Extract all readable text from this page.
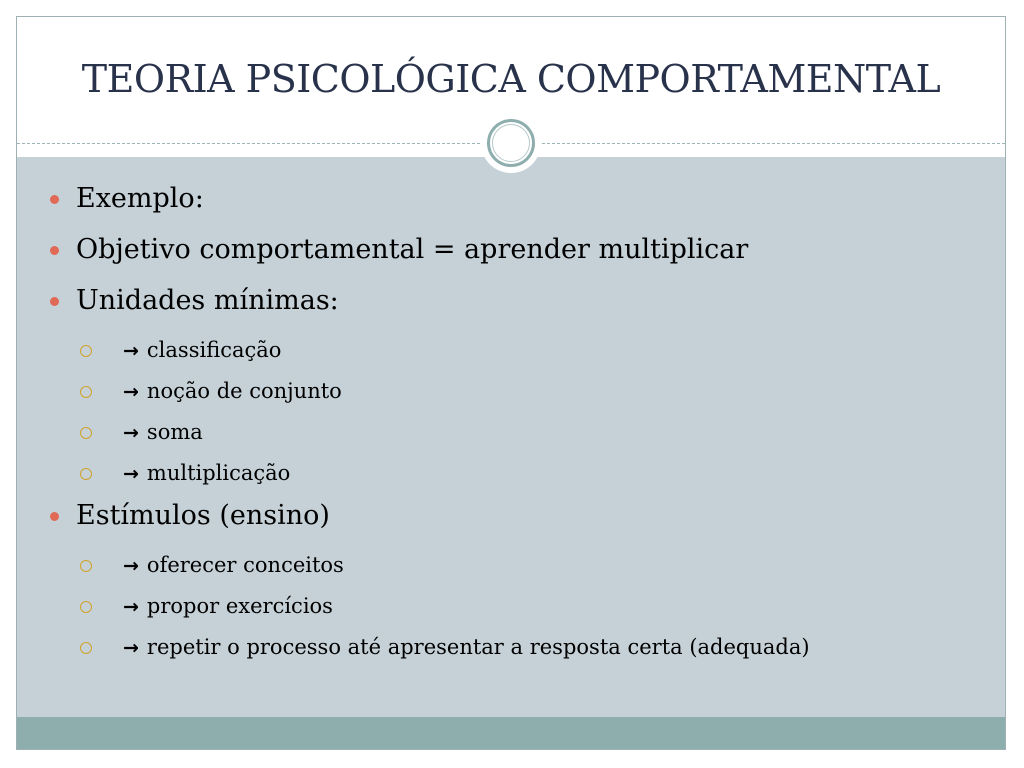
TEORIA PSICOLÓGICA COMPORTAMENTAL
Exemplo:
Objetivo comportamental = aprender multiplicar
Unidades mínimas:
→ classificação
→ noção de conjunto
→ soma
→ multiplicação
Estímulos (ensino)
→ oferecer conceitos
→ propor exercícios
→ repetir o processo até apresentar a resposta certa (adequada)
